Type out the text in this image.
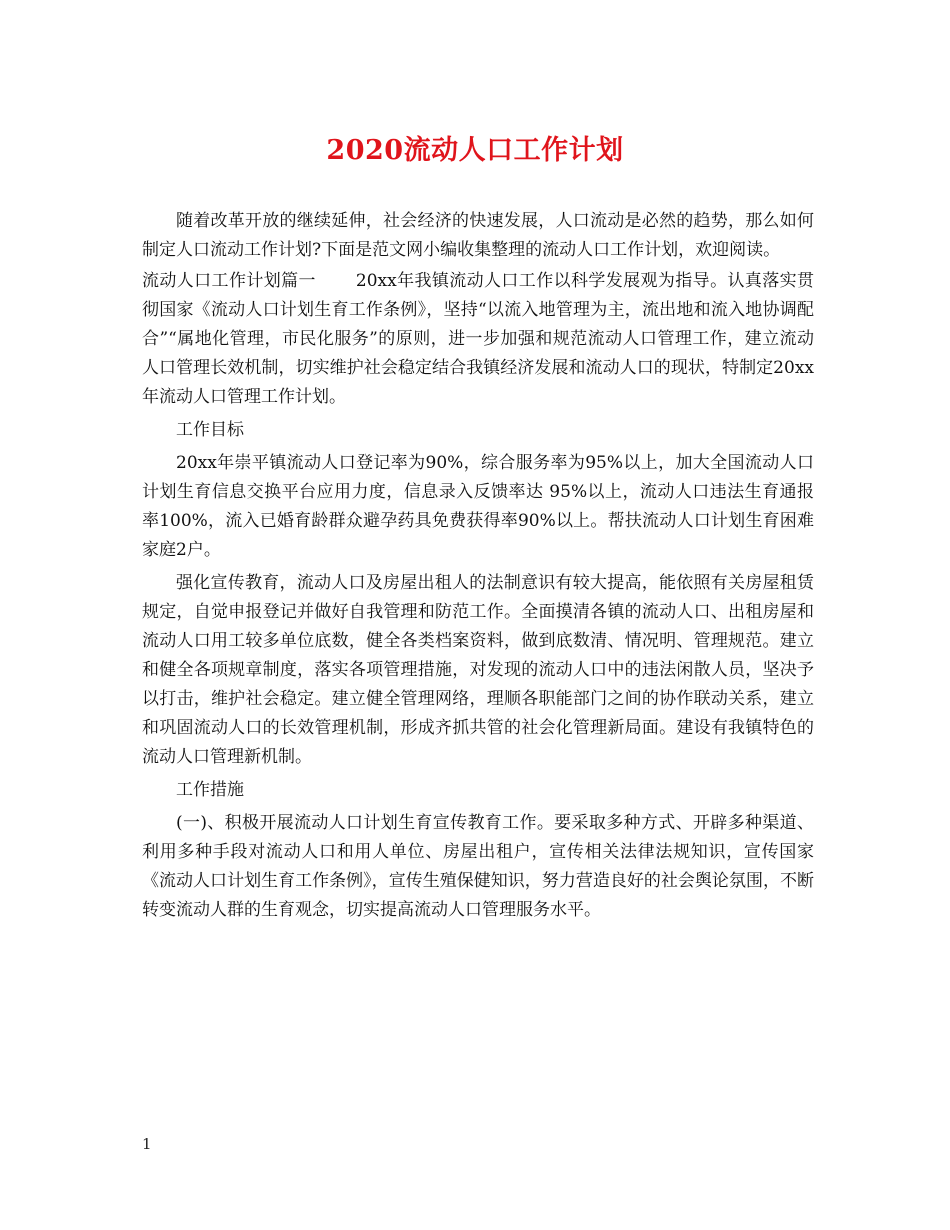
2020流动人口工作计划

随着改革开放的继续延伸，社会经济的快速发展，人口流动是必然的趋势，那么如何制定人口流动工作计划?下面是范文网小编收集整理的流动人口工作计划，欢迎阅读。

流动人口工作计划篇一 20xx年我镇流动人口工作以科学发展观为指导。认真落实贯彻国家《流动人口计划生育工作条例》，坚持“以流入地管理为主，流出地和流入地协调配合”“属地化管理，市民化服务”的原则，进一步加强和规范流动人口管理工作，建立流动人口管理长效机制，切实维护社会稳定结合我镇经济发展和流动人口的现状，特制定20xx年流动人口管理工作计划。

工作目标

20xx年崇平镇流动人口登记率为90%，综合服务率为95%以上，加大全国流动人口计划生育信息交换平台应用力度，信息录入反馈率达 95%以上，流动人口违法生育通报率100%，流入已婚育龄群众避孕药具免费获得率90%以上。帮扶流动人口计划生育困难家庭2户。

强化宣传教育，流动人口及房屋出租人的法制意识有较大提高，能依照有关房屋租赁规定，自觉申报登记并做好自我管理和防范工作。全面摸清各镇的流动人口、出租房屋和流动人口用工较多单位底数，健全各类档案资料，做到底数清、情况明、管理规范。建立和健全各项规章制度，落实各项管理措施，对发现的流动人口中的违法闲散人员，坚决予以打击，维护社会稳定。建立健全管理网络，理顺各职能部门之间的协作联动关系，建立和巩固流动人口的长效管理机制，形成齐抓共管的社会化管理新局面。建设有我镇特色的流动人口管理新机制。

工作措施

(一)、积极开展流动人口计划生育宣传教育工作。要采取多种方式、开辟多种渠道、利用多种手段对流动人口和用人单位、房屋出租户，宣传相关法律法规知识，宣传国家《流动人口计划生育工作条例》，宣传生殖保健知识，努力营造良好的社会舆论氛围，不断转变流动人群的生育观念，切实提高流动人口管理服务水平。

1
